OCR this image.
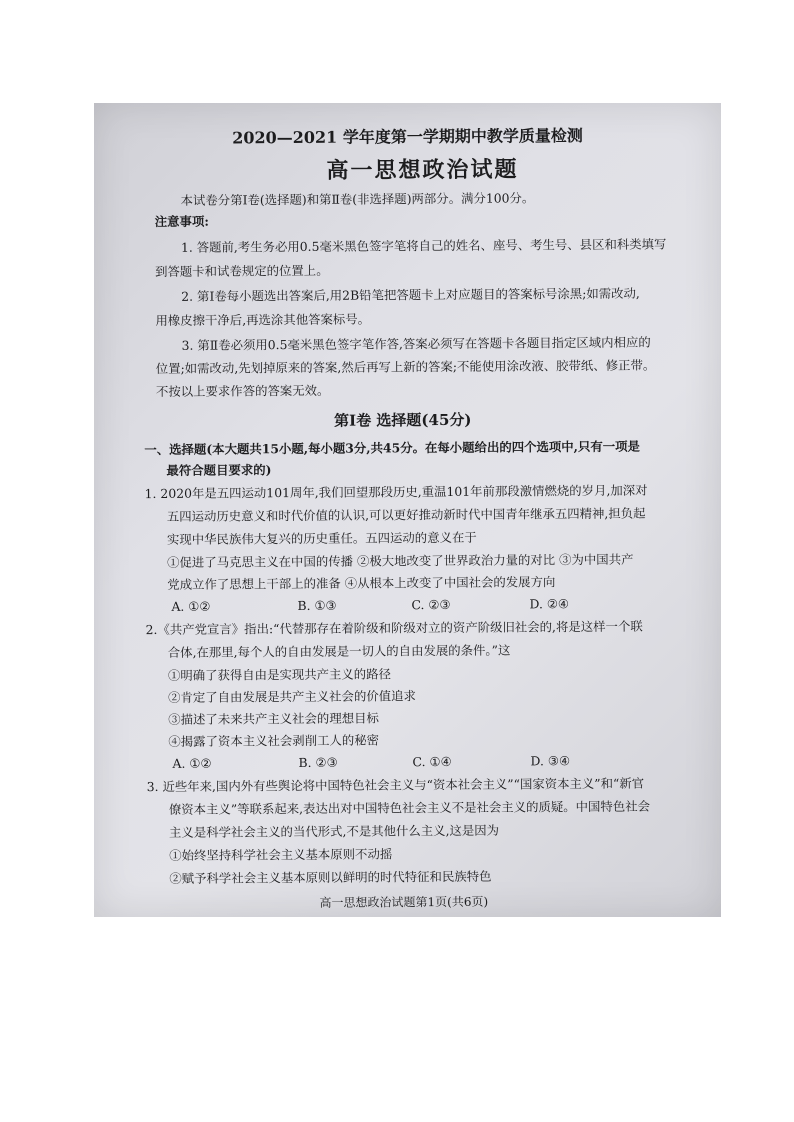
2020—2021 学年度第一学期期中教学质量检测
高一思想政治试题
本试卷分第Ⅰ卷(选择题)和第Ⅱ卷(非选择题)两部分。满分100分。
注意事项:
1. 答题前,考生务必用0.5毫米黑色签字笔将自己的姓名、座号、考生号、县区和科类填写
到答题卡和试卷规定的位置上。
2. 第Ⅰ卷每小题选出答案后,用2B铅笔把答题卡上对应题目的答案标号涂黑;如需改动,
用橡皮擦干净后,再选涂其他答案标号。
3. 第Ⅱ卷必须用0.5毫米黑色签字笔作答,答案必须写在答题卡各题目指定区域内相应的
位置;如需改动,先划掉原来的答案,然后再写上新的答案;不能使用涂改液、胶带纸、修正带。
不按以上要求作答的答案无效。
第Ⅰ卷 选择题(45分)
一、选择题(本大题共15小题,每小题3分,共45分。在每小题给出的四个选项中,只有一项是
最符合题目要求的)
1. 2020年是五四运动101周年,我们回望那段历史,重温101年前那段激情燃烧的岁月,加深对
五四运动历史意义和时代价值的认识,可以更好推动新时代中国青年继承五四精神,担负起
实现中华民族伟大复兴的历史重任。五四运动的意义在于
①促进了马克思主义在中国的传播 ②极大地改变了世界政治力量的对比 ③为中国共产
党成立作了思想上干部上的准备 ④从根本上改变了中国社会的发展方向
A. ①②	B. ①③	C. ②③	D. ②④
2.《共产党宣言》指出:“代替那存在着阶级和阶级对立的资产阶级旧社会的,将是这样一个联
合体,在那里,每个人的自由发展是一切人的自由发展的条件。”这
①明确了获得自由是实现共产主义的路径
②肯定了自由发展是共产主义社会的价值追求
③描述了未来共产主义社会的理想目标
④揭露了资本主义社会剥削工人的秘密
A. ①②	B. ②③	C. ①④	D. ③④
3. 近些年来,国内外有些舆论将中国特色社会主义与“资本社会主义”“国家资本主义”和“新官
僚资本主义”等联系起来,表达出对中国特色社会主义不是社会主义的质疑。中国特色社会
主义是科学社会主义的当代形式,不是其他什么主义,这是因为
①始终坚持科学社会主义基本原则不动摇
②赋予科学社会主义基本原则以鲜明的时代特征和民族特色
高一思想政治试题第1页(共6页)
